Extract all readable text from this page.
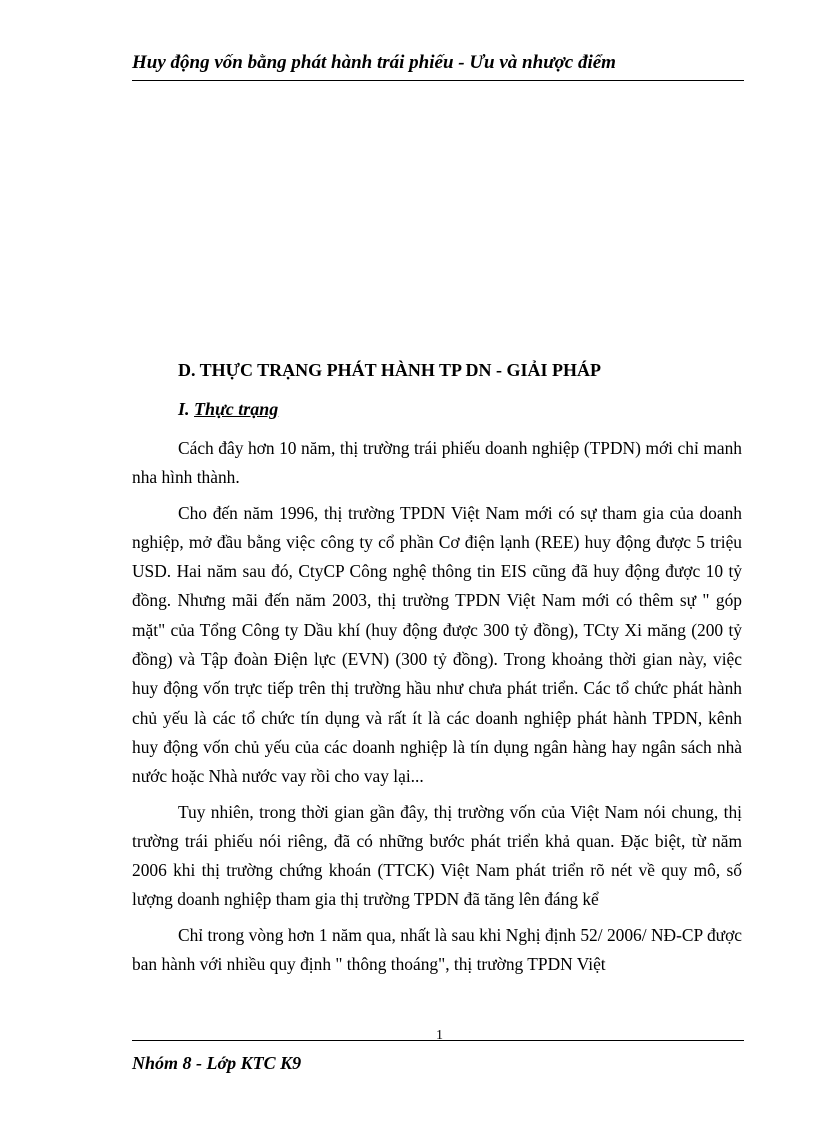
Huy động vốn bằng phát hành trái phiếu - Ưu và nhược điểm
D. THỰC TRẠNG PHÁT HÀNH TP DN - GIẢI PHÁP
I. Thực trạng

Cách đây hơn 10 năm, thị trường trái phiếu doanh nghiệp (TPDN) mới chỉ manh nha hình thành.

Cho đến năm 1996, thị trường TPDN Việt Nam mới có sự tham gia của doanh nghiệp, mở đầu bằng việc công ty cổ phần Cơ điện lạnh (REE) huy động được 5 triệu USD. Hai năm sau đó, CtyCP Công nghệ thông tin EIS cũng đã huy động được 10 tỷ đồng. Nhưng mãi đến năm 2003, thị trường TPDN Việt Nam mới có thêm sự " góp mặt" của Tổng Công ty Dầu khí (huy động được 300 tỷ đồng), TCty Xi măng (200 tỷ đồng) và Tập đoàn Điện lực (EVN) (300 tỷ đồng). Trong khoảng thời gian này, việc huy động vốn trực tiếp trên thị trường hầu như chưa phát triển. Các tổ chức phát hành chủ yếu là các tổ chức tín dụng và rất ít là các doanh nghiệp phát hành TPDN, kênh huy động vốn chủ yếu của các doanh nghiệp là tín dụng ngân hàng hay ngân sách nhà nước hoặc Nhà nước vay rồi cho vay lại...

Tuy nhiên, trong thời gian gần đây, thị trường vốn của Việt Nam nói chung, thị trường trái phiếu nói riêng, đã có những bước phát triển khả quan. Đặc biệt, từ năm 2006 khi thị trường chứng khoán (TTCK) Việt Nam phát triển rõ nét về quy mô, số lượng doanh nghiệp tham gia thị trường TPDN đã tăng lên đáng kể

Chỉ trong vòng hơn 1 năm qua, nhất là sau khi Nghị định 52/ 2006/ NĐ-CP được ban hành với nhiều quy định " thông thoáng", thị trường TPDN Việt

1
Nhóm 8 - Lớp KTC K9
